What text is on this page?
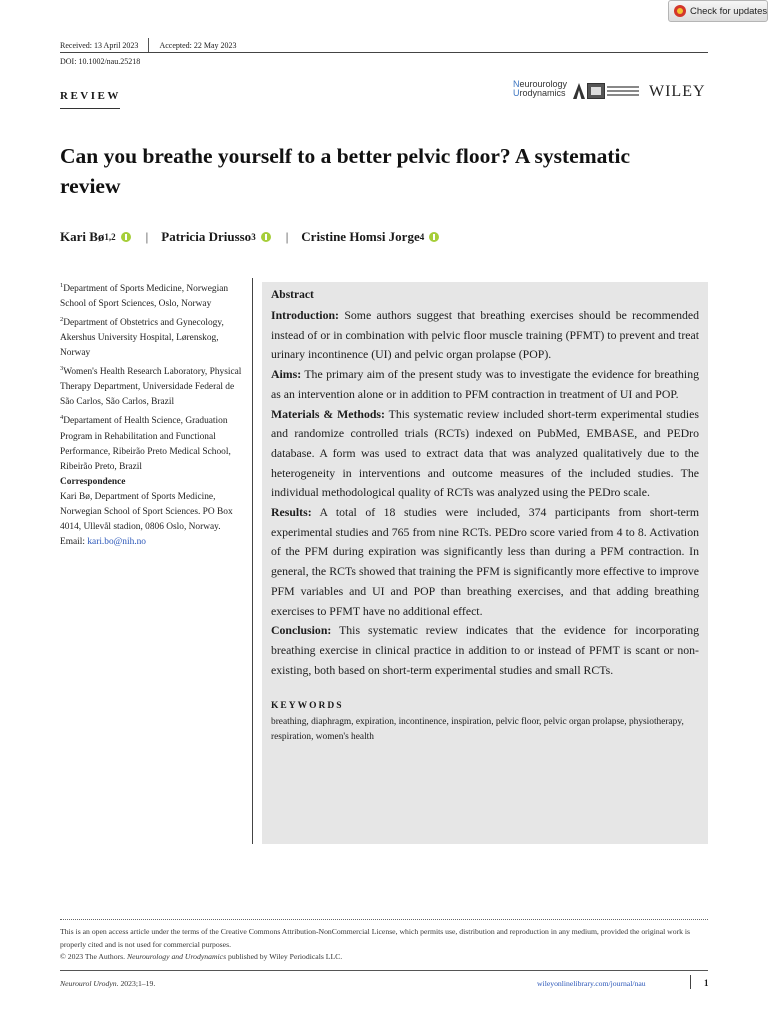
Check for updates
Received: 13 April 2023	Accepted: 22 May 2023
DOI: 10.1002/nau.25218
REVIEW
Neurourology
Urodynamics	WILEY
Can you breathe yourself to a better pelvic floor? A systematic review
Kari Bø 1,2 | Patricia Driusso 3 | Cristine Homsi Jorge 4

$^1$Department of Sports Medicine, Norwegian School of Sport Sciences, Oslo, Norway

$^2$Department of Obstetrics and Gynecology, Akershus University Hospital, Lørenskog, Norway

$^3$Women's Health Research Laboratory, Physical Therapy Department, Universidade Federal de São Carlos, São Carlos, Brazil

$^4$Departament of Health Science, Graduation Program in Rehabilitation and Functional Performance, Ribeirão Preto Medical School, Ribeirão Preto, Brazil

Correspondence

Kari Bø, Department of Sports Medicine, Norwegian School of Sport Sciences. PO Box 4014, Ullevål stadion, 0806 Oslo, Norway.

Email: kari.bo@nih.no

Abstract

Introduction: Some authors suggest that breathing exercises should be recommended instead of or in combination with pelvic floor muscle training (PFMT) to prevent and treat urinary incontinence (UI) and pelvic organ prolapse (POP).

Aims: The primary aim of the present study was to investigate the evidence for breathing as an intervention alone or in addition to PFM contraction in treatment of UI and POP.

Materials & Methods: This systematic review included short-term experimental studies and randomize controlled trials (RCTs) indexed on PubMed, EMBASE, and PEDro database. A form was used to extract data that was analyzed qualitatively due to the heterogeneity in interventions and outcome measures of the included studies. The individual methodological quality of RCTs was analyzed using the PEDro scale.

Results: A total of 18 studies were included, 374 participants from short-term experimental studies and 765 from nine RCTs. PEDro score varied from 4 to 8. Activation of the PFM during expiration was significantly less than during a PFM contraction. In general, the RCTs showed that training the PFM is significantly more effective to improve PFM variables and UI and POP than breathing exercises, and that adding breathing exercises to PFMT have no additional effect.

Conclusion: This systematic review indicates that the evidence for incorporating breathing exercise in clinical practice in addition to or instead of PFMT is scant or non-existing, both based on short-term experimental studies and small RCTs.

KEYWORDS
breathing, diaphragm, expiration, incontinence, inspiration, pelvic floor, pelvic organ prolapse, physiotherapy, respiration, women's health

This is an open access article under the terms of the Creative Commons Attribution-NonCommercial License, which permits use, distribution and reproduction in any medium, provided the original work is properly cited and is not used for commercial purposes.

© 2023 The Authors. Neurourology and Urodynamics published by Wiley Periodicals LLC.

Neurourol Urodyn. 2023;1–19.	wileyonlinelibrary.com/journal/nau	1
